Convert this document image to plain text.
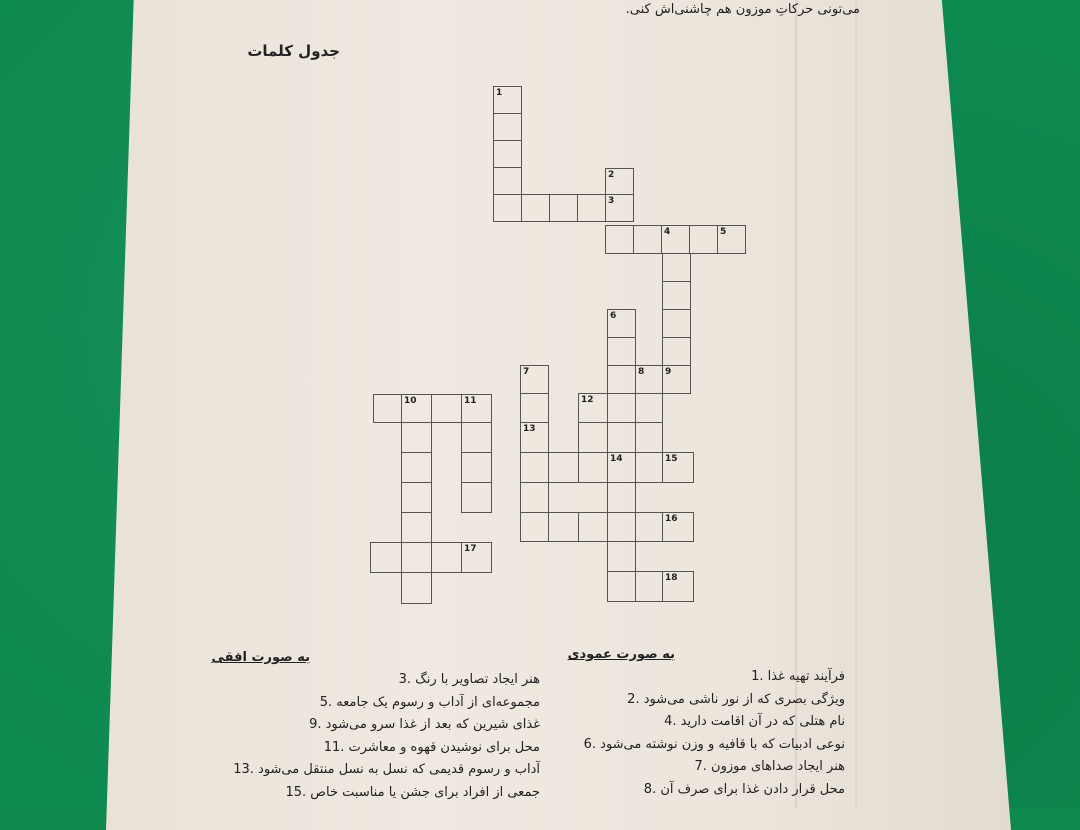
می‌تونی حرکاتِ موزون هم چاشنی‌اش کنی.
جدول کلمات
1
3
2
4	5
9
6
14
8
15
7
13
12
16
18
10	11
17
به صورت افقی	به صورت عمودی
هنر ایجاد تصاویر با رنگ .3
مجموعه‌ای از آداب و رسوم یک جامعه .5
غذای شیرین که بعد از غذا سرو می‌شود .9
محل برای نوشیدن قهوه و معاشرت .11
آداب و رسوم قدیمی که نسل به نسل منتقل می‌شود .13
جمعی از افراد برای جشن یا مناسبت خاص .15
فرآیند تهیه غذا .1
ویژگی بصری که از نور ناشی می‌شود .2
نام هتلی که در آن اقامت دارید .4
نوعی ادبیات که با قافیه و وزن نوشته می‌شود .6
هنر ایجاد صداهای موزون .7
محل قرار دادن غذا برای صرف آن .8
